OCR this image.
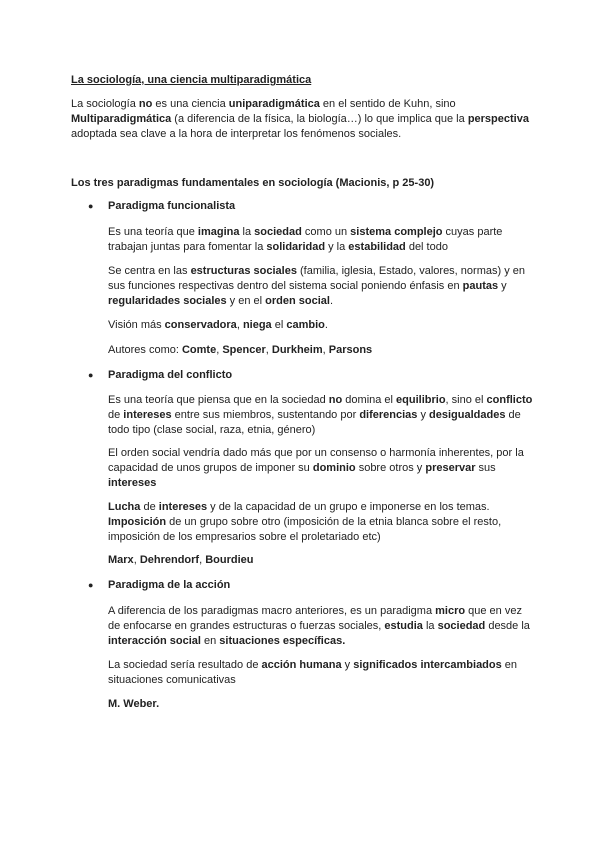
La sociología, una ciencia multiparadigmática

La sociología no es una ciencia uniparadigmática en el sentido de Kuhn, sino Multiparadigmática (a diferencia de la física, la biología…) lo que implica que la perspectiva adoptada sea clave a la hora de interpretar los fenómenos sociales.

Los tres paradigmas fundamentales en sociología (Macionis, p 25-30)

● Paradigma funcionalista

Es una teoría que imagina la sociedad como un sistema complejo cuyas parte trabajan juntas para fomentar la solidaridad y la estabilidad del todo

Se centra en las estructuras sociales (familia, iglesia, Estado, valores, normas) y en sus funciones respectivas dentro del sistema social poniendo énfasis en pautas y regularidades sociales y en el orden social.

Visión más conservadora, niega el cambio.

Autores como: Comte, Spencer, Durkheim, Parsons

● Paradigma del conflicto

Es una teoría que piensa que en la sociedad no domina el equilibrio, sino el conflicto de intereses entre sus miembros, sustentando por diferencias y desigualdades de todo tipo (clase social, raza, etnia, género)

El orden social vendría dado más que por un consenso o harmonía inherentes, por la capacidad de unos grupos de imponer su dominio sobre otros y preservar sus intereses

Lucha de intereses y de la capacidad de un grupo e imponerse en los temas. Imposición de un grupo sobre otro (imposición de la etnia blanca sobre el resto, imposición de los empresarios sobre el proletariado etc)

Marx, Dehrendorf, Bourdieu

● Paradigma de la acción

A diferencia de los paradigmas macro anteriores, es un paradigma micro que en vez de enfocarse en grandes estructuras o fuerzas sociales, estudia la sociedad desde la interacción social en situaciones específicas.

La sociedad sería resultado de acción humana y significados intercambiados en situaciones comunicativas

M. Weber.
